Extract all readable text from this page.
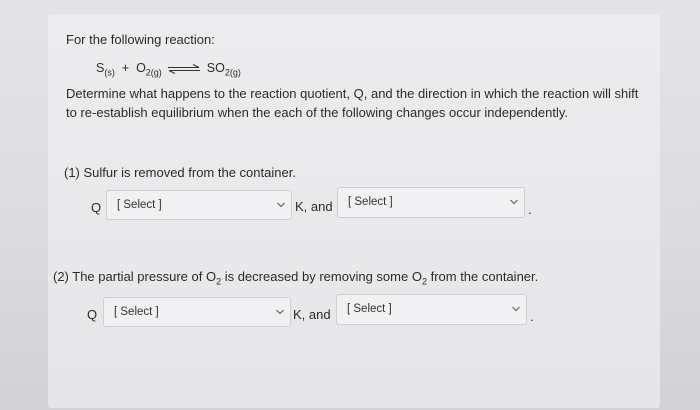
For the following reaction:
$S_{(s)} + O_{2(g)}$ ⇌ $SO_{2(g)}$
Determine what happens to the reaction quotient, Q, and the direction in which the reaction will shift to re-establish equilibrium when the each of the following changes occur independently.
(1) Sulfur is removed from the container.
Q [ Select ]	K, and [ Select ]	.
(2) The partial pressure of $O_2$ is decreased by removing some $O_2$ from the container.
Q [ Select ]	K, and [ Select ]	.
